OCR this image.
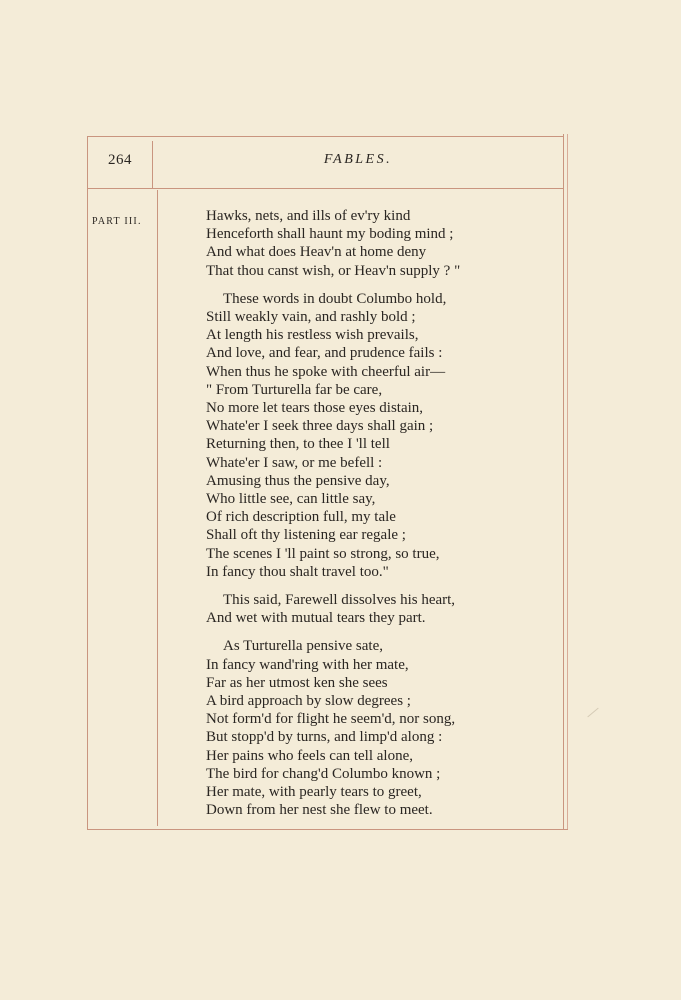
264	FABLES.
PART III.	Hawks, nets, and ills of ev'ry kind
Henceforth shall haunt my boding mind ;
And what does Heav'n at home deny
That thou canst wish, or Heav'n supply ? "
These words in doubt Columbo hold,
Still weakly vain, and rashly bold ;
At length his restless wish prevails,
And love, and fear, and prudence fails :
When thus he spoke with cheerful air—
" From Turturella far be care,
No more let tears those eyes distain,
Whate'er I seek three days shall gain ;
Returning then, to thee I 'll tell
Whate'er I saw, or me befell :
Amusing thus the pensive day,
Who little see, can little say,
Of rich description full, my tale
Shall oft thy listening ear regale ;
The scenes I 'll paint so strong, so true,
In fancy thou shalt travel too."
This said, Farewell dissolves his heart,
And wet with mutual tears they part.
As Turturella pensive sate,
In fancy wand'ring with her mate,
Far as her utmost ken she sees
A bird approach by slow degrees ;
Not form'd for flight he seem'd, nor song,
But stopp'd by turns, and limp'd along :
Her pains who feels can tell alone,
The bird for chang'd Columbo known ;
Her mate, with pearly tears to greet,
Down from her nest she flew to meet.
